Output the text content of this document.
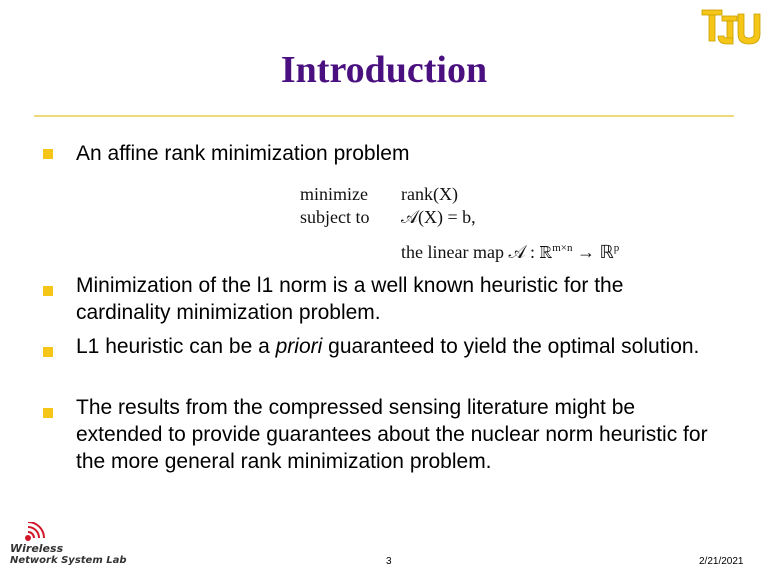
Introduction

An affine rank minimization problem

minimize rank(X)
subject to 𝒜(X) = b,
the linear map 𝒜 : ℝ$^{m\times n}$ → ℝ$^p$

Minimization of the l1 norm is a well known heuristic for the cardinality minimization problem.

L1 heuristic can be a priori guaranteed to yield the optimal solution.

The results from the compressed sensing literature might be extended to provide guarantees about the nuclear norm heuristic for the more general rank minimization problem.

Wireless
Network System Lab	3	2/21/2021
